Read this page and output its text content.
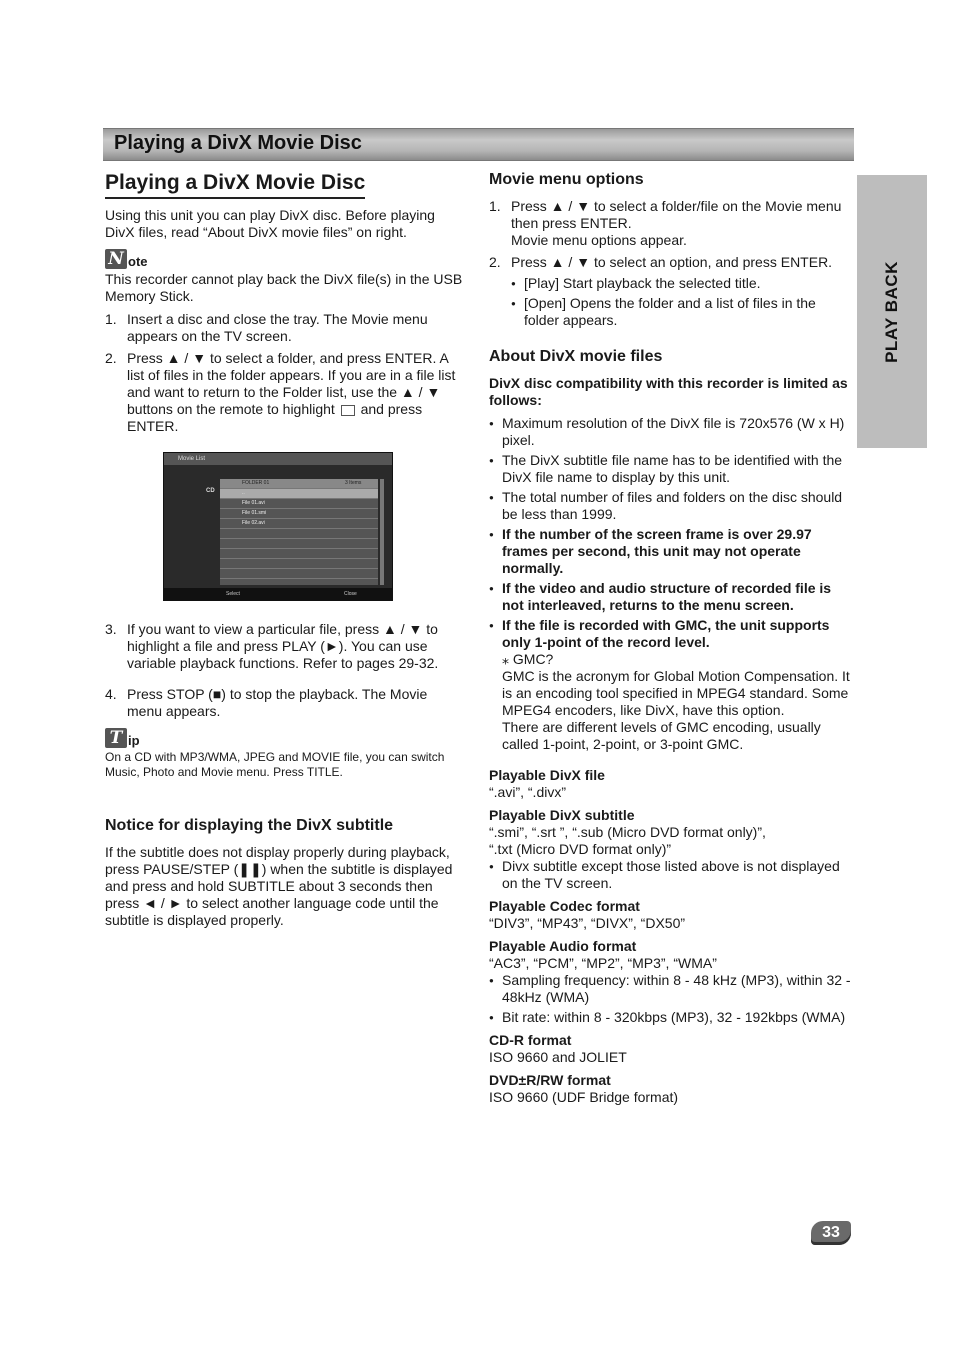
Playing a DivX Movie Disc
PLAY BACK
Playing a DivX Movie Disc

Using this unit you can play DivX disc. Before playing DivX files, read “About DivX movie files” on right.

N ote

This recorder cannot play back the DivX file(s) in the USB Memory Stick.

1. Insert a disc and close the tray. The Movie menu appears on the TV screen.
2. Press ▲ / ▼ to select a folder, and press ENTER. A list of files in the folder appears. If you are in a file list and want to return to the Folder list, use the ▲ / ▼ buttons on the remote to highlight and press ENTER.
Movie List
CD
FOLDER 01	3 Items
..
File 01.avi
File 01.smi
File 02.avi
Select	Close
3. If you want to view a particular file, press ▲ / ▼ to highlight a file and press PLAY (►). You can use variable playback functions. Refer to pages 29-32.
4. Press STOP (■) to stop the playback. The Movie menu appears.
T ip

On a CD with MP3/WMA, JPEG and MOVIE file, you can switch Music, Photo and Movie menu. Press TITLE.

Notice for displaying the DivX subtitle

If the subtitle does not display properly during playback, press PAUSE/STEP (❚❚) when the subtitle is displayed and press and hold SUBTITLE about 3 seconds then press ◄ / ► to select another language code until the subtitle is displayed properly.

Movie menu options
1. Press ▲ / ▼ to select a folder/file on the Movie menu then press ENTER.
Movie menu options appear.
2. Press ▲ / ▼ to select an option, and press ENTER.
● [Play] Start playback the selected title.
● [Open] Opens the folder and a list of files in the folder appears.
About DivX movie files

DivX disc compatibility with this recorder is limited as follows:

● Maximum resolution of the DivX file is 720x576 (W x H) pixel.
● The DivX subtitle file name has to be identified with the DivX file name to display by this unit.
● The total number of files and folders on the disc should be less than 1999.
● If the number of the screen frame is over 29.97 frames per second, this unit may not operate normally.
● If the video and audio structure of recorded file is not interleaved, returns to the menu screen.
● If the file is recorded with GMC, the unit supports only 1-point of the record level.
⁎ GMC?
GMC is the acronym for Global Motion Compensation. It is an encoding tool specified in MPEG4 standard. Some MPEG4 encoders, like DivX, have this option.
There are different levels of GMC encoding, usually called 1-point, 2-point, or 3-point GMC.
Playable DivX file
“.avi”, “.divx”
Playable DivX subtitle
“.smi”, “.srt ”, “.sub (Micro DVD format only)”,
“.txt (Micro DVD format only)”
● Divx subtitle except those listed above is not displayed on the TV screen.
Playable Codec format
“DIV3”, “MP43”, “DIVX”, “DX50”
Playable Audio format
“AC3”, “PCM”, “MP2”, “MP3”, “WMA”
● Sampling frequency: within 8 - 48 kHz (MP3), within 32 - 48kHz (WMA)
● Bit rate: within 8 - 320kbps (MP3), 32 - 192kbps (WMA)
CD-R format
ISO 9660 and JOLIET
DVD±R/RW format
ISO 9660 (UDF Bridge format)
33
